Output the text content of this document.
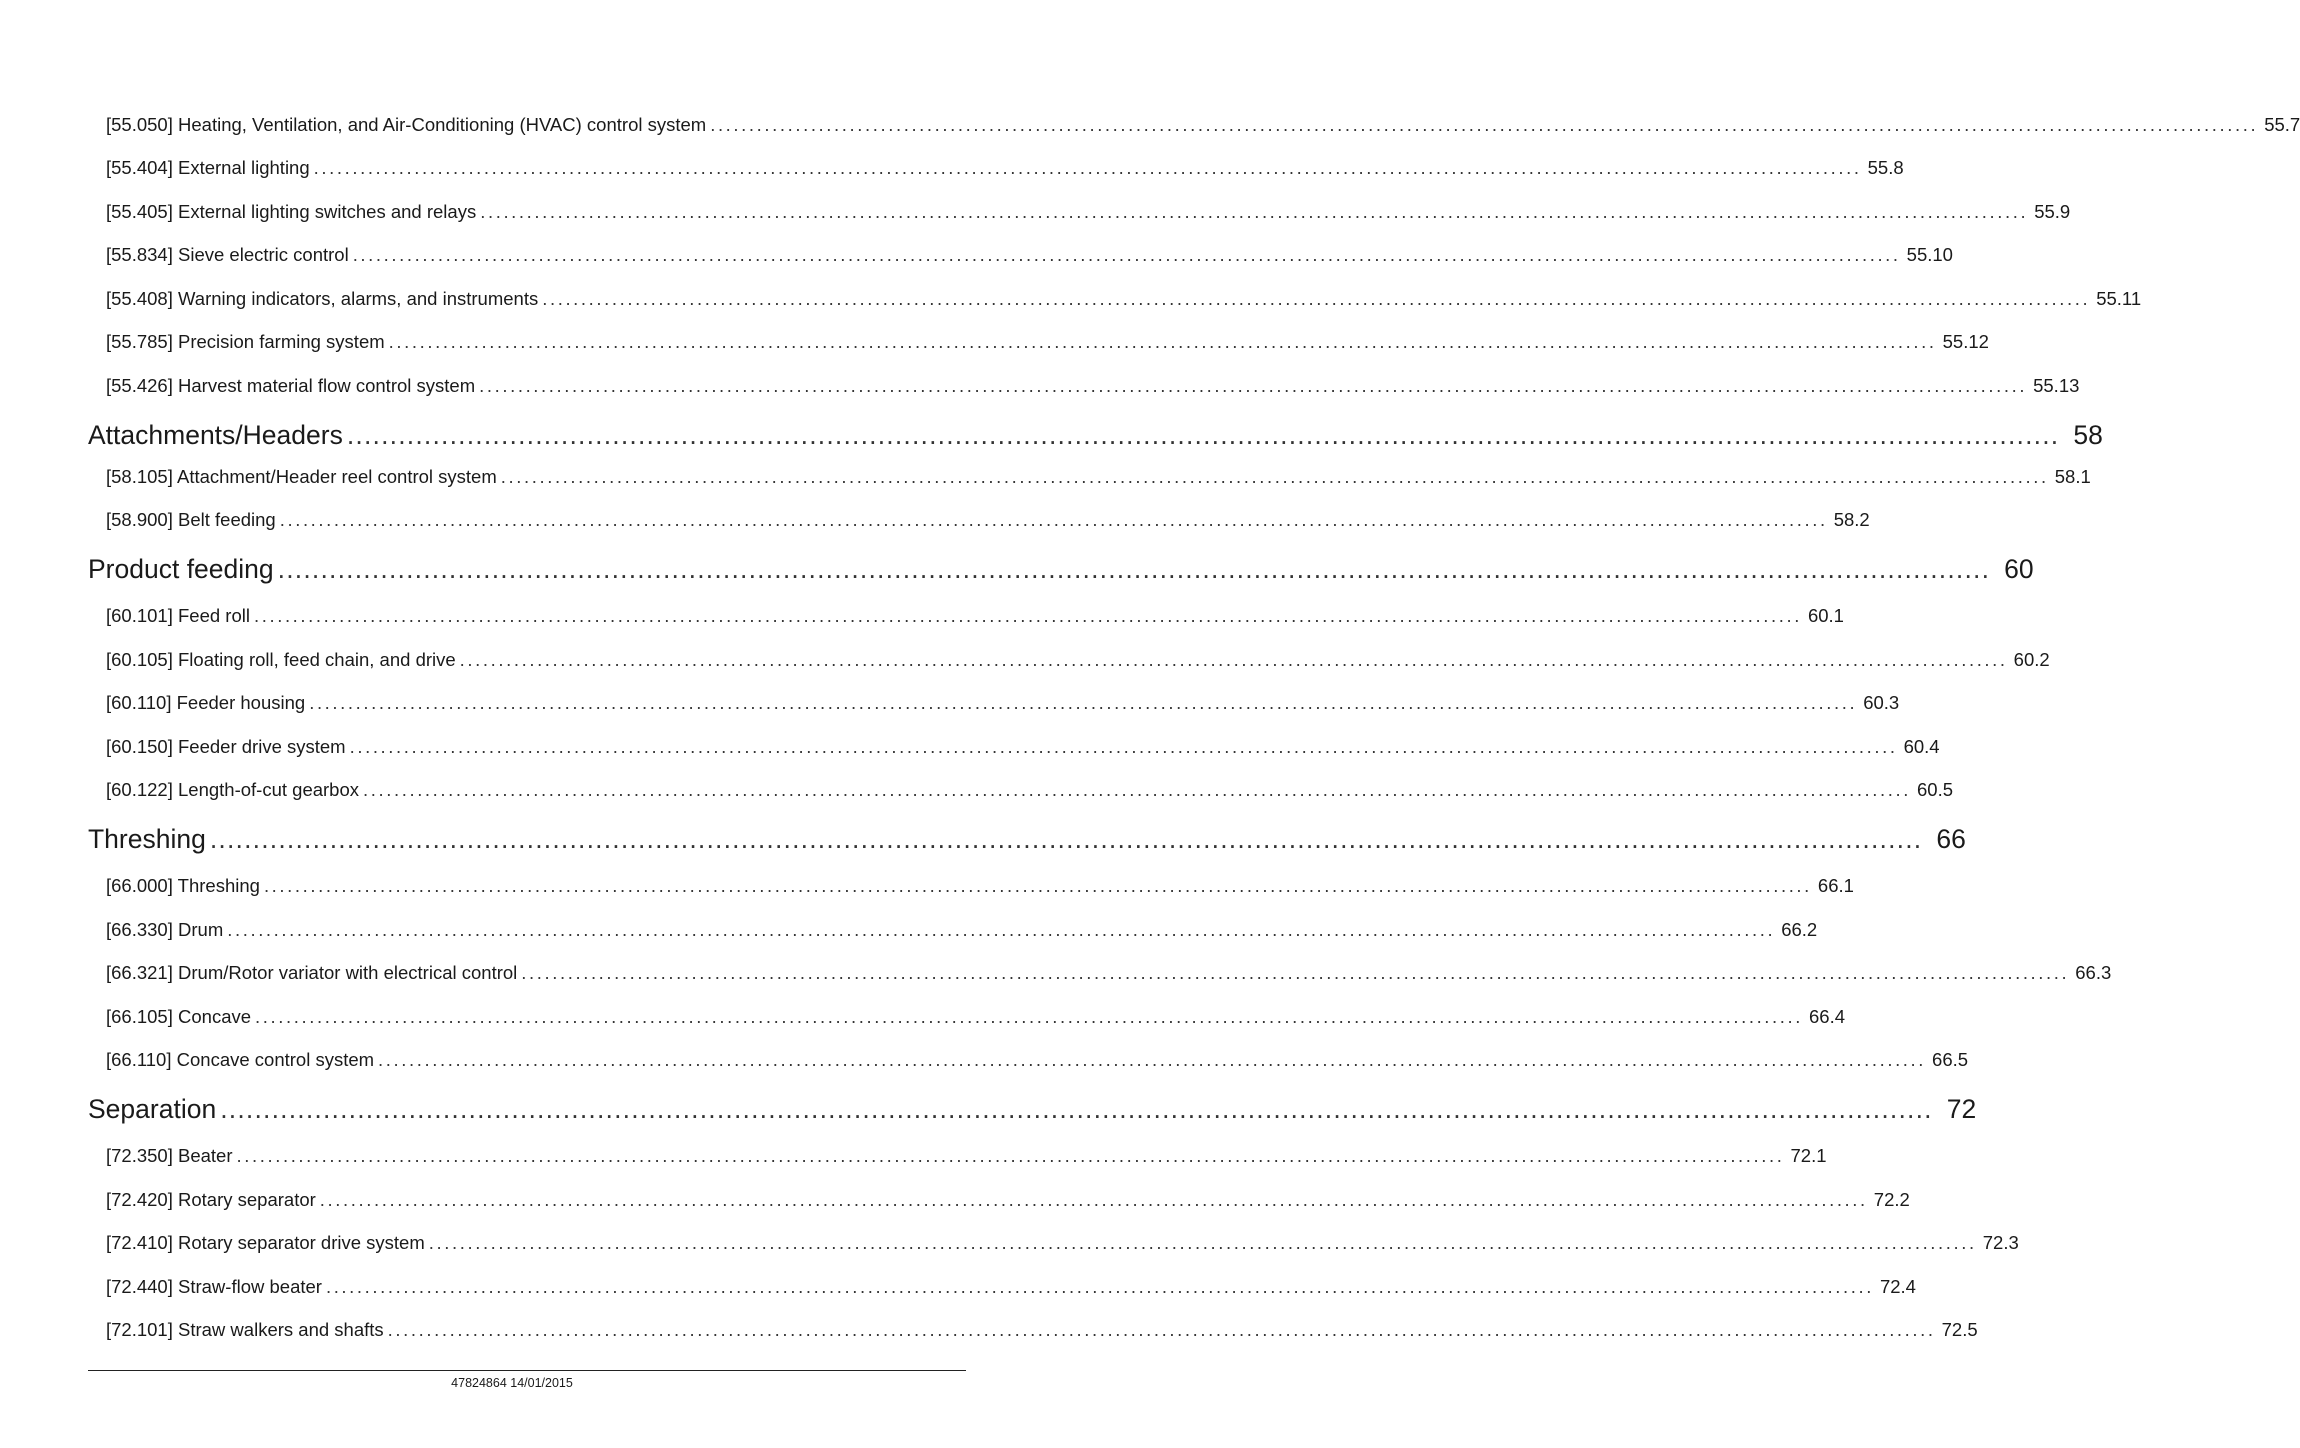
[55.050] Heating, Ventilation, and Air-Conditioning (HVAC) control system ........................................................................................................................................................................................................ 55.7
[55.404] External lighting ........................................................................................................................................................................................................ 55.8
[55.405] External lighting switches and relays ........................................................................................................................................................................................................ 55.9
[55.834] Sieve electric control ........................................................................................................................................................................................................ 55.10
[55.408] Warning indicators, alarms, and instruments ........................................................................................................................................................................................................ 55.11
[55.785] Precision farming system ........................................................................................................................................................................................................ 55.12
[55.426] Harvest material flow control system ........................................................................................................................................................................................................ 55.13
Attachments/Headers ........................................................................................................................................................................................................ 58
[58.105] Attachment/Header reel control system ........................................................................................................................................................................................................ 58.1
[58.900] Belt feeding ........................................................................................................................................................................................................ 58.2
Product feeding ........................................................................................................................................................................................................ 60
[60.101] Feed roll ........................................................................................................................................................................................................ 60.1
[60.105] Floating roll, feed chain, and drive ........................................................................................................................................................................................................ 60.2
[60.110] Feeder housing ........................................................................................................................................................................................................ 60.3
[60.150] Feeder drive system ........................................................................................................................................................................................................ 60.4
[60.122] Length-of-cut gearbox ........................................................................................................................................................................................................ 60.5
Threshing ........................................................................................................................................................................................................ 66
[66.000] Threshing ........................................................................................................................................................................................................ 66.1
[66.330] Drum ........................................................................................................................................................................................................ 66.2
[66.321] Drum/Rotor variator with electrical control ........................................................................................................................................................................................................ 66.3
[66.105] Concave ........................................................................................................................................................................................................ 66.4
[66.110] Concave control system ........................................................................................................................................................................................................ 66.5
Separation ........................................................................................................................................................................................................ 72
[72.350] Beater ........................................................................................................................................................................................................ 72.1
[72.420] Rotary separator ........................................................................................................................................................................................................ 72.2
[72.410] Rotary separator drive system ........................................................................................................................................................................................................ 72.3
[72.440] Straw-flow beater ........................................................................................................................................................................................................ 72.4
[72.101] Straw walkers and shafts ........................................................................................................................................................................................................ 72.5
47824864 14/01/2015
